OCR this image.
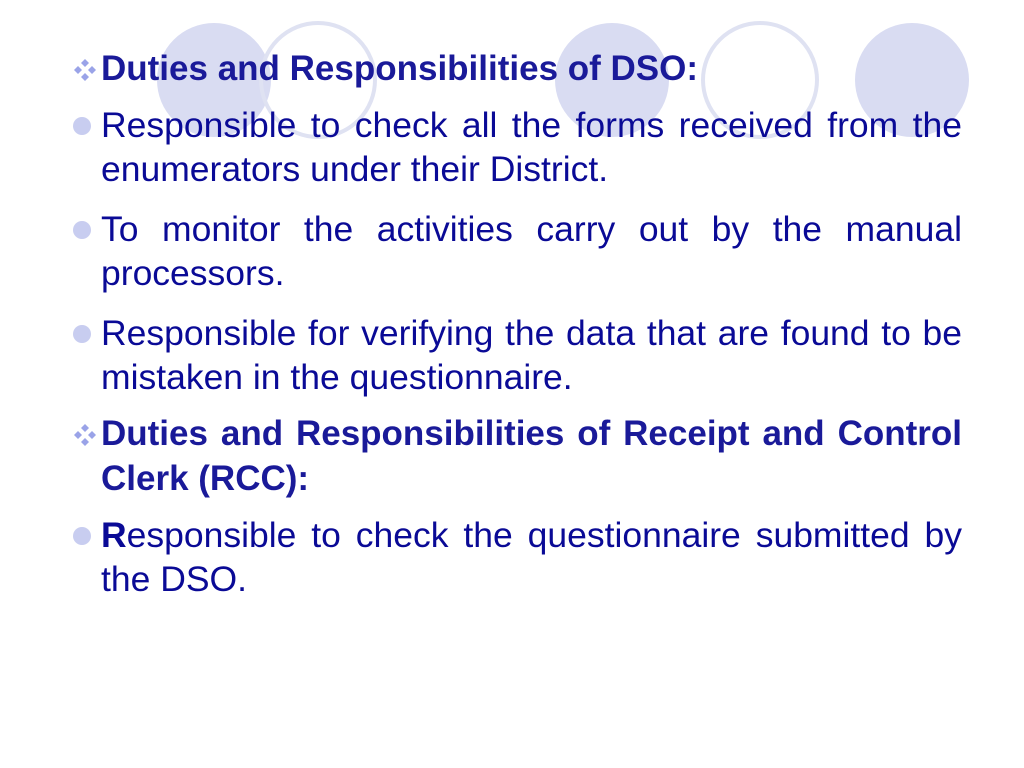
Duties and Responsibilities of DSO:

Responsible to check all the forms received from the enumerators under their District.

To monitor the activities carry out by the manual processors.

Responsible for verifying the data that are found to be mistaken in the questionnaire.

Duties and Responsibilities of Receipt and Control Clerk (RCC):

Responsible to check the questionnaire submitted by the DSO.
